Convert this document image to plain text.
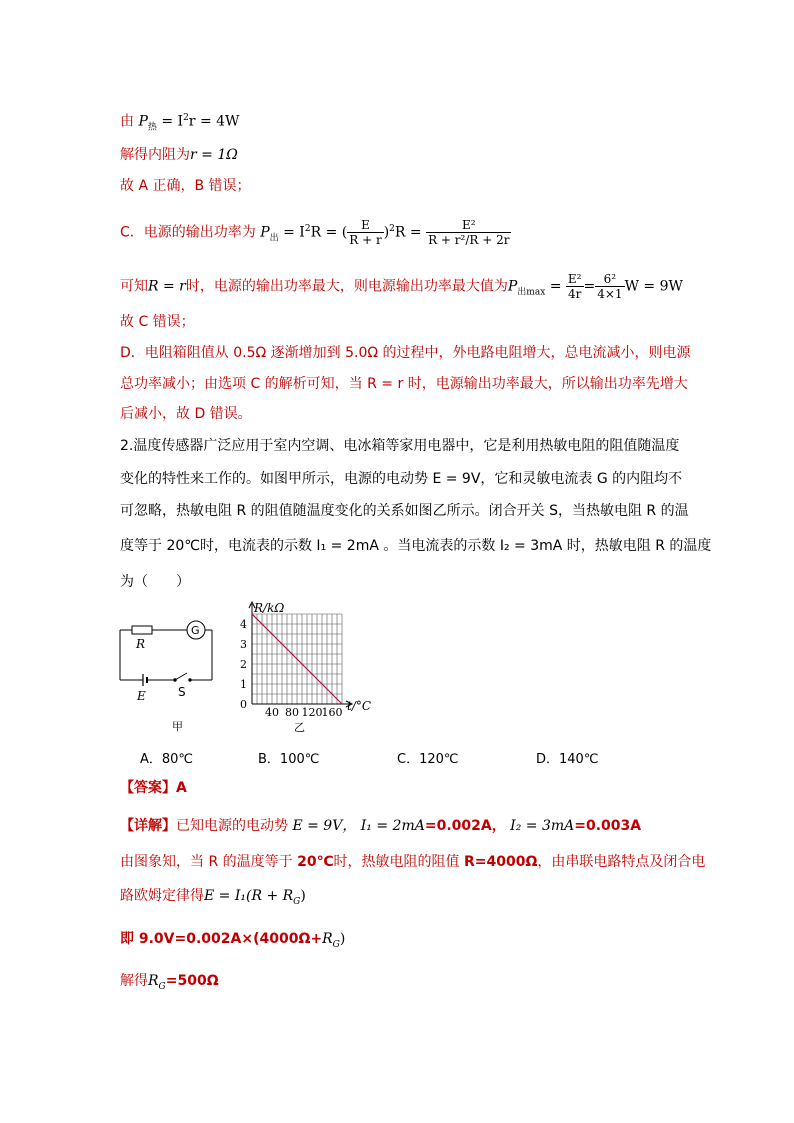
由 $P_热 = I^2r = 4W$
解得内阻为r = 1Ω
故 A 正确，B 错误；
C．电源的输出功率为 $P_出 = I^2R$ = ( $\frac{E}{R + r} )^2R = \frac{\text{E²}}{\text{R + r²/R + 2r}}$
可知R = r时，电源的输出功率最大，则电源输出功率最大值为$P_{出max} = \frac{\text{E²}}{4r} = \frac{\text{6²}}{4\times 1}$ W = 9W
故 C 错误；
D．电阻箱阻值从 0.5Ω 逐渐增加到 5.0Ω 的过程中，外电路电阻增大，总电流减小，则电源
总功率减小；由选项 C 的解析可知，当 R = r 时，电源输出功率最大，所以输出功率先增大
后减小，故 D 错误。
2.温度传感器广泛应用于室内空调、电冰箱等家用电器中，它是利用热敏电阻的阻值随温度
变化的特性来工作的。如图甲所示，电源的电动势 E = 9V，它和灵敏电流表 G 的内阻均不
可忽略，热敏电阻 R 的阻值随温度变化的关系如图乙所示。闭合开关 S，当热敏电阻 R 的温
度等于 20℃时，电流表的示数 I₁ = 2mA 。当电流表的示数 I₂ = 3mA 时，热敏电阻 R 的温度
为（　　）
R
G
E	S
甲
40 80 120 160
0
1
2
3
4
R/kΩ
t/°C
乙
A．80℃	B．100℃	C．120℃	D．140℃
【答案】A
【详解】已知电源的电动势 E = 9V， I₁ = 2mA=0.002A， I₂ = 3mA=0.003A
由图象知，当 R 的温度等于 20℃时，热敏电阻的阻值 R=4000Ω，由串联电路特点及闭合电
路欧姆定律得$E = I_1(R + R_G)$
即 $9.0V=0.002A\times(4000\Omega+R_G)$
解得$R_G=500\Omega$
